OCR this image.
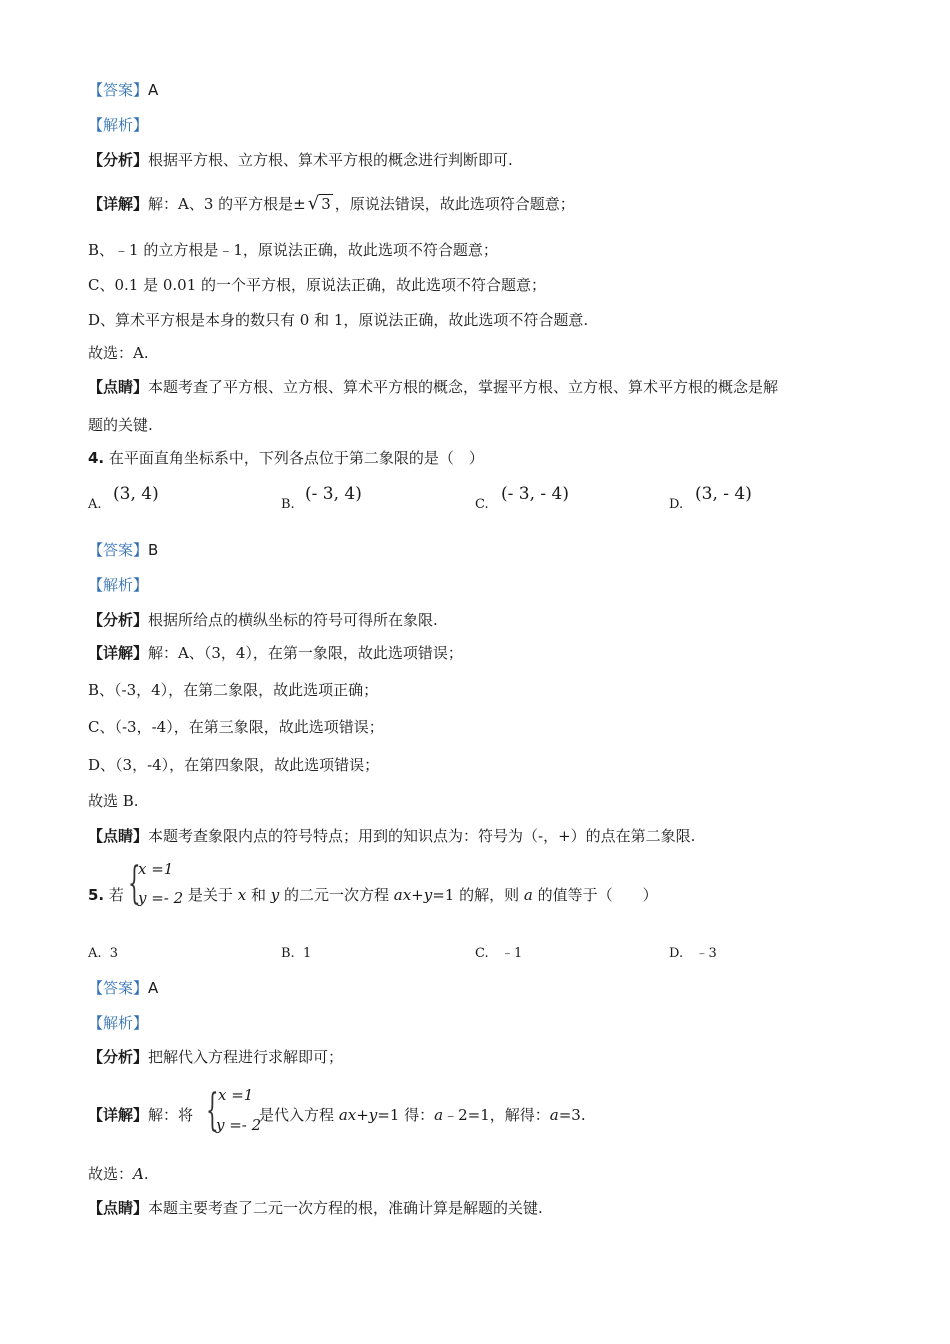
【答案】A
【解析】
【分析】根据平方根、立方根、算术平方根的概念进行判断即可.
【详解】解：A、3 的平方根是± √ 3 ，原说法错误，故此选项符合题意；
B、﹣1 的立方根是﹣1，原说法正确，故此选项不符合题意；
C、0.1 是 0.01 的一个平方根，原说法正确，故此选项不符合题意；
D、算术平方根是本身的数只有 0 和 1，原说法正确，故此选项不符合题意.
故选：A.
【点睛】本题考查了平方根、立方根、算术平方根的概念，掌握平方根、立方根、算术平方根的概念是解
题的关键.
4. 在平面直角坐标系中，下列各点位于第二象限的是（　）
A.
(3, 4)
B.
(- 3, 4)
C.
(- 3, - 4)
D.
(3, - 4)
【答案】B
【解析】
【分析】根据所给点的横纵坐标的符号可得所在象限.
【详解】解：A、（3，4），在第一象限，故此选项错误；
B、（-3，4），在第二象限，故此选项正确；
C、（-3，-4），在第三象限，故此选项错误；
D、（3，-4），在第四象限，故此选项错误；
故选 B.
【点睛】本题考查象限内点的符号特点；用到的知识点为：符号为（-，+）的点在第二象限.
5. 若	是关于 x 和 y 的二元一次方程 ax+y=1 的解，则 a 的值等于（　　）
{
x =1
y =- 2
A. 3	B. 1	C. ﹣1	D. ﹣3
【答案】A
【解析】
【分析】把解代入方程进行求解即可；
【详解】解：将	是代入方程 ax+y=1 得：a﹣2=1，解得：a=3.
{ x =1
y =- 2
故选：A.
【点睛】本题主要考查了二元一次方程的根，准确计算是解题的关键.
